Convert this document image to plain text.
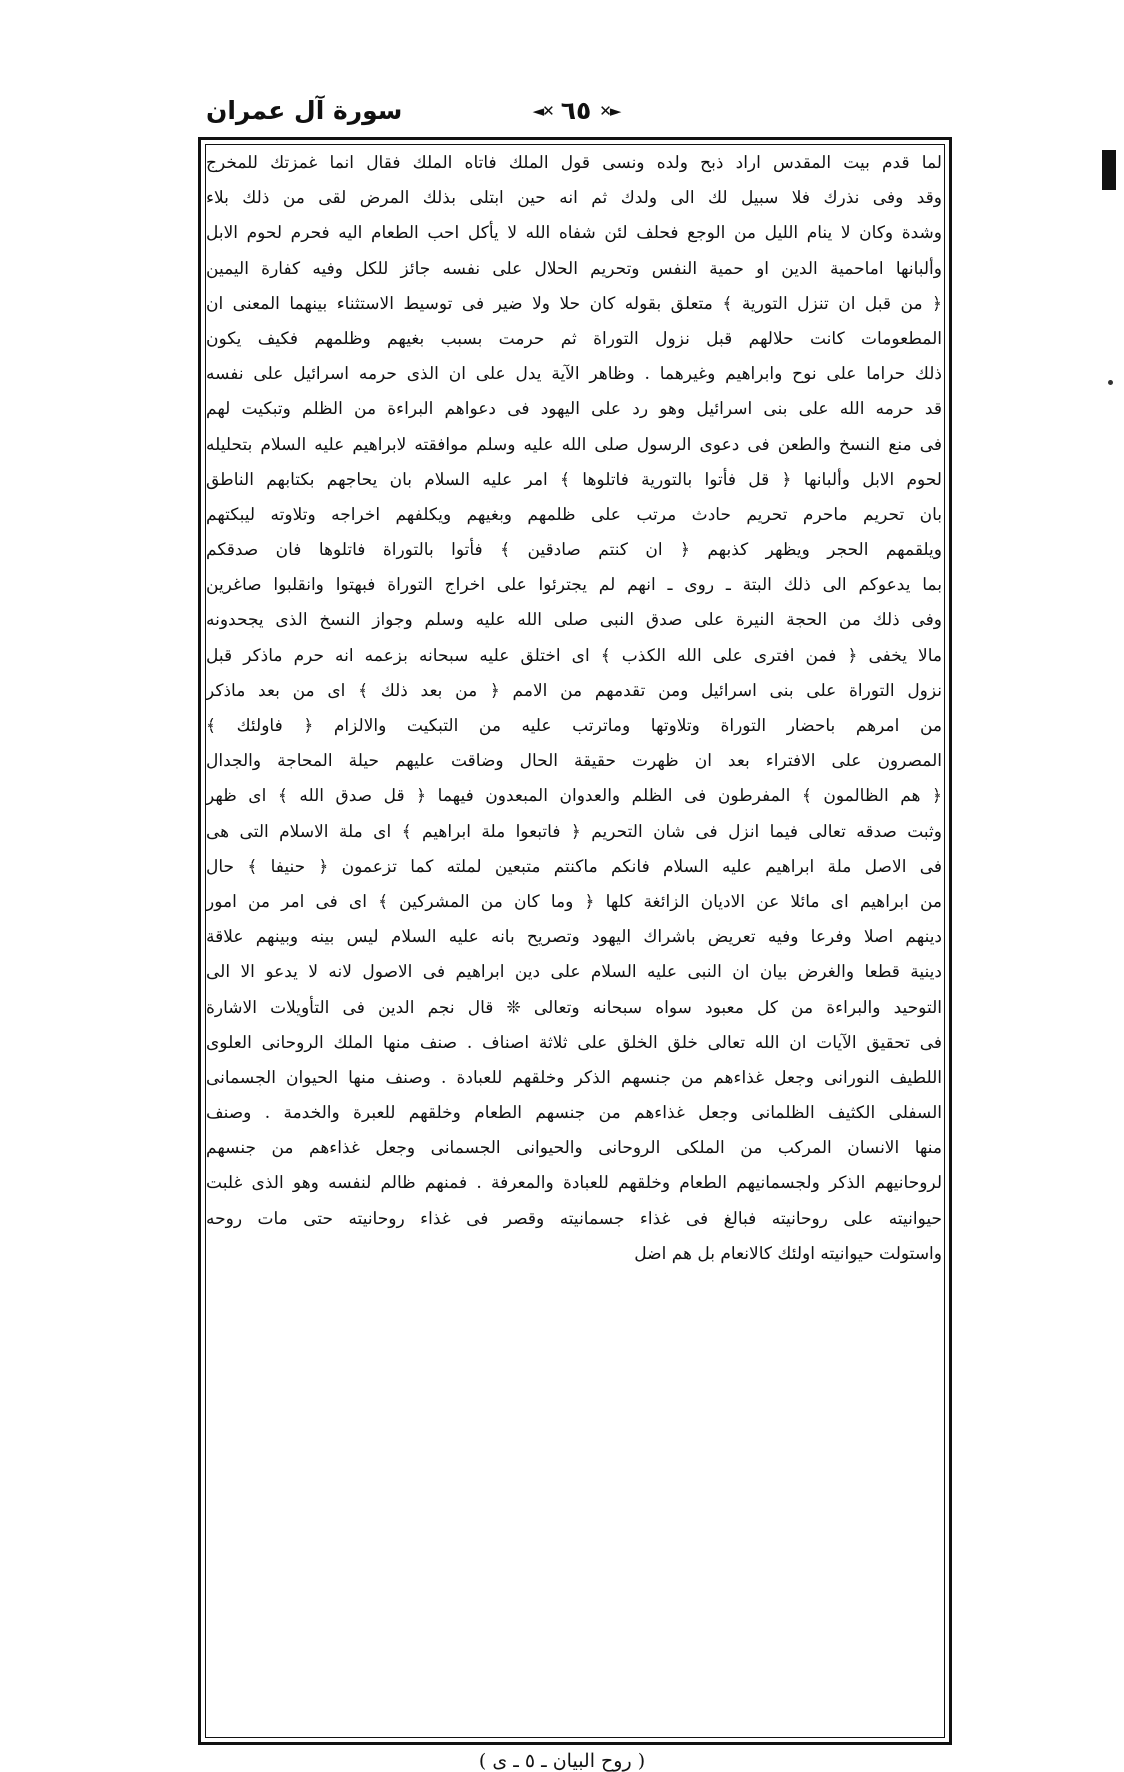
سورة آل عمران	◄✕ ٦٥ ✕►
لما قدم بيت المقدس اراد ذبح ولده ونسى قول الملك فاتاه الملك فقال انما غمزتك للمخرج
وقد وفى نذرك فلا سبيل لك الى ولدك ثم انه حين ابتلى بذلك المرض لقى من ذلك بلاء
وشدة وكان لا ينام الليل من الوجع فحلف لئن شفاه الله لا يأكل احب الطعام اليه فحرم لحوم الابل
وألبانها اماحمية الدين او حمية النفس وتحريم الحلال على نفسه جائز للكل وفيه كفارة اليمين
﴿ من قبل ان تنزل التورية ﴾ متعلق بقوله كان حلا ولا ضير فى توسيط الاستثناء بينهما المعنى ان
المطعومات كانت حلالهم قبل نزول التوراة ثم حرمت بسبب بغيهم وظلمهم فكيف يكون
ذلك حراما على نوح وابراهيم وغيرهما . وظاهر الآية يدل على ان الذى حرمه اسرائيل على نفسه
قد حرمه الله على بنى اسرائيل وهو رد على اليهود فى دعواهم البراءة من الظلم وتبكيت لهم
فى منع النسخ والطعن فى دعوى الرسول صلى الله عليه وسلم موافقته لابراهيم عليه السلام بتحليله
لحوم الابل وألبانها ﴿ قل فأتوا بالتورية فاتلوها ﴾ امر عليه السلام بان يحاجهم بكتابهم الناطق
بان تحريم ماحرم تحريم حادث مرتب على ظلمهم وبغيهم ويكلفهم اخراجه وتلاوته ليبكتهم
ويلقمهم الحجر ويظهر كذبهم ﴿ ان كنتم صادقين ﴾ فأتوا بالتوراة فاتلوها فان صدقكم
بما يدعوكم الى ذلك البتة ـ روى ـ انهم لم يجترئوا على اخراج التوراة فبهتوا وانقلبوا صاغرين
وفى ذلك من الحجة النيرة على صدق النبى صلى الله عليه وسلم وجواز النسخ الذى يجحدونه
مالا يخفى ﴿ فمن افترى على الله الكذب ﴾ اى اختلق عليه سبحانه بزعمه انه حرم ماذكر قبل
نزول التوراة على بنى اسرائيل ومن تقدمهم من الامم ﴿ من بعد ذلك ﴾ اى من بعد ماذكر
من امرهم باحضار التوراة وتلاوتها وماترتب عليه من التبكيت والالزام ﴿ فاولئك ﴾
المصرون على الافتراء بعد ان ظهرت حقيقة الحال وضاقت عليهم حيلة المحاجة والجدال
﴿ هم الظالمون ﴾ المفرطون فى الظلم والعدوان المبعدون فيهما ﴿ قل صدق الله ﴾ اى ظهر
وثبت صدقه تعالى فيما انزل فى شان التحريم ﴿ فاتبعوا ملة ابراهيم ﴾ اى ملة الاسلام التى هى
فى الاصل ملة ابراهيم عليه السلام فانكم ماكنتم متبعين لملته كما تزعمون ﴿ حنيفا ﴾ حال
من ابراهيم اى مائلا عن الاديان الزائغة كلها ﴿ وما كان من المشركين ﴾ اى فى امر من امور
دينهم اصلا وفرعا وفيه تعريض باشراك اليهود وتصريح بانه عليه السلام ليس بينه وبينهم علاقة
دينية قطعا والغرض بيان ان النبى عليه السلام على دين ابراهيم فى الاصول لانه لا يدعو الا الى
التوحيد والبراءة من كل معبود سواه سبحانه وتعالى ❊ قال نجم الدين فى التأويلات الاشارة
فى تحقيق الآيات ان الله تعالى خلق الخلق على ثلاثة اصناف . صنف منها الملك الروحانى العلوى
اللطيف النورانى وجعل غذاءهم من جنسهم الذكر وخلقهم للعبادة . وصنف منها الحيوان الجسمانى
السفلى الكثيف الظلمانى وجعل غذاءهم من جنسهم الطعام وخلقهم للعبرة والخدمة . وصنف
منها الانسان المركب من الملكى الروحانى والحيوانى الجسمانى وجعل غذاءهم من جنسهم
لروحانيهم الذكر ولجسمانيهم الطعام وخلقهم للعبادة والمعرفة . فمنهم ظالم لنفسه وهو الذى غلبت
حيوانيته على روحانيته فبالغ فى غذاء جسمانيته وقصر فى غذاء روحانيته حتى مات روحه
واستولت حيوانيته اولئك كالانعام بل هم اضل
( روح البيان ـ ٥ ـ ى )
